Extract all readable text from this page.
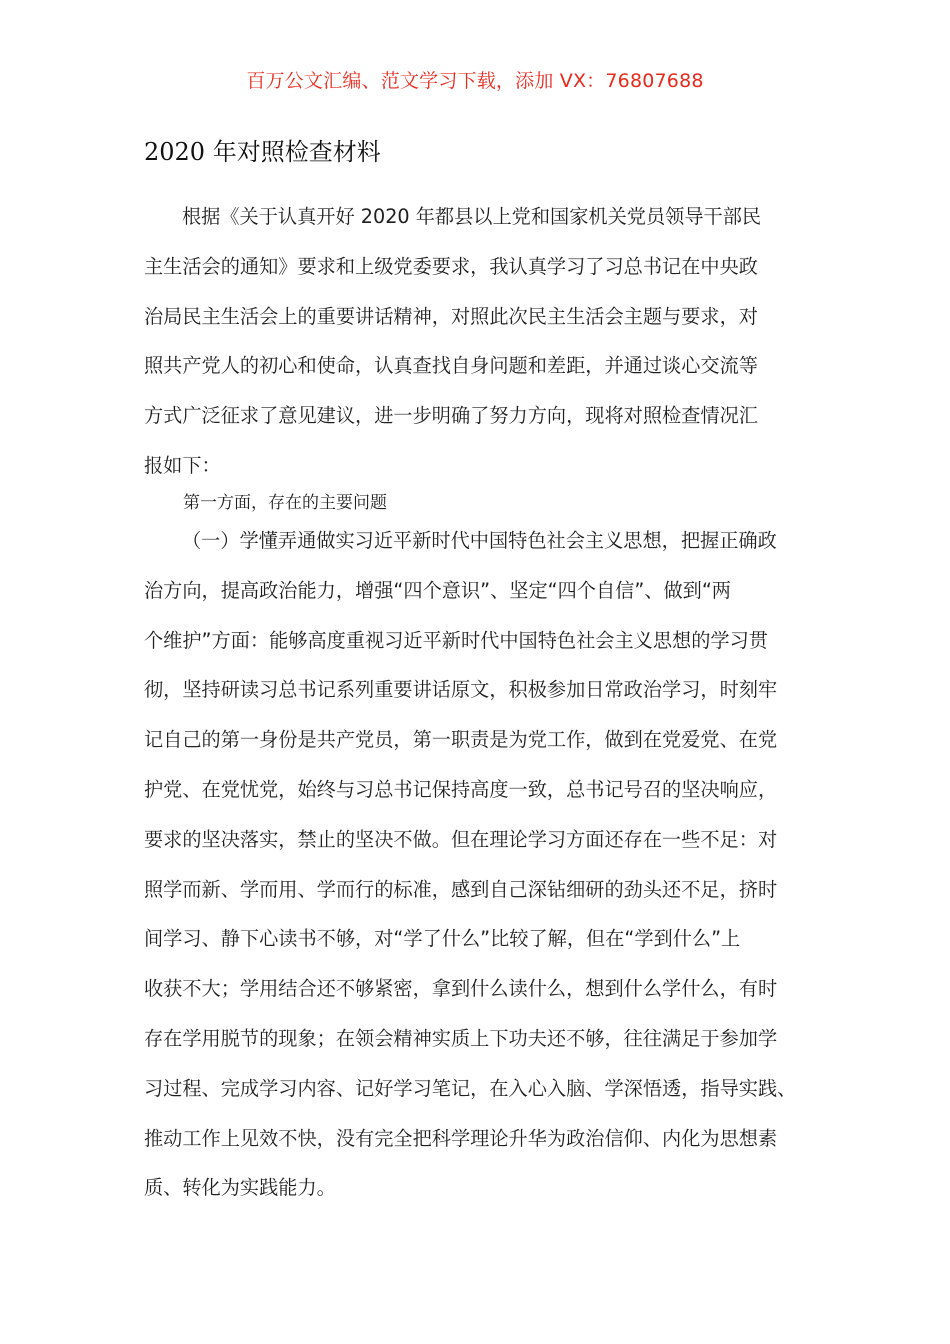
百万公文汇编、范文学习下载，添加 VX：76807688
2020 年对照检查材料
根据《关于认真开好 2020 年都县以上党和国家机关党员领导干部民
主生活会的通知》要求和上级党委要求，我认真学习了习总书记在中央政
治局民主生活会上的重要讲话精神，对照此次民主生活会主题与要求，对
照共产党人的初心和使命，认真查找自身问题和差距，并通过谈心交流等
方式广泛征求了意见建议，进一步明确了努力方向，现将对照检查情况汇
报如下：
第一方面，存在的主要问题
（一）学懂弄通做实习近平新时代中国特色社会主义思想，把握正确政
治方向，提高政治能力，增强“四个意识”、坚定“四个自信”、做到“两
个维护”方面：能够高度重视习近平新时代中国特色社会主义思想的学习贯
彻，坚持研读习总书记系列重要讲话原文，积极参加日常政治学习，时刻牢
记自己的第一身份是共产党员，第一职责是为党工作，做到在党爱党、在党
护党、在党忧党，始终与习总书记保持高度一致，总书记号召的坚决响应，
要求的坚决落实，禁止的坚决不做。但在理论学习方面还存在一些不足：对
照学而新、学而用、学而行的标准，感到自己深钻细研的劲头还不足，挤时
间学习、静下心读书不够，对“学了什么”比较了解，但在“学到什么”上
收获不大；学用结合还不够紧密，拿到什么读什么，想到什么学什么，有时
存在学用脱节的现象；在领会精神实质上下功夫还不够，往往满足于参加学
习过程、完成学习内容、记好学习笔记，在入心入脑、学深悟透，指导实践、
推动工作上见效不快，没有完全把科学理论升华为政治信仰、内化为思想素
质、转化为实践能力。
